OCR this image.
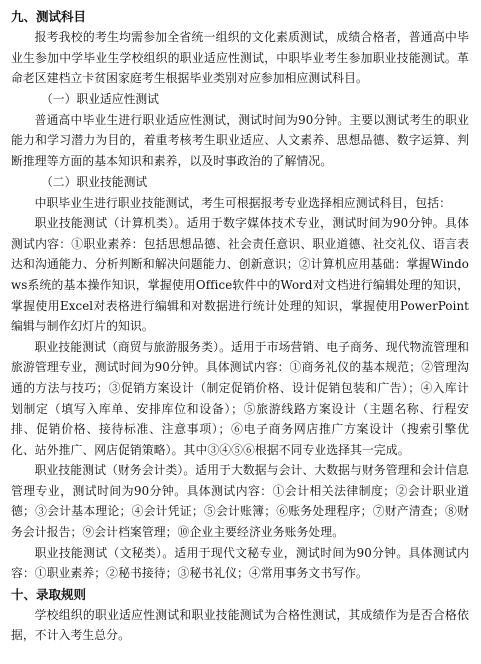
九、测试科目

报考我校的考生均需参加全省统一组织的文化素质测试，成绩合格者，普通高中毕业生参加中学毕业生学校组织的职业适应性测试，中职毕业考生参加职业技能测试。革命老区建档立卡贫困家庭考生根据毕业类别对应参加相应测试科目。

（一）职业适应性测试

普通高中毕业生进行职业适应性测试，测试时间为90分钟。主要以测试考生的职业能力和学习潜力为目的，着重考核考生职业适应、人文素养、思想品德、数字运算、判断推理等方面的基本知识和素养，以及时事政治的了解情况。

（二）职业技能测试

中职毕业生进行职业技能测试，考生可根据报考专业选择相应测试科目，包括：

职业技能测试（计算机类）。适用于数字媒体技术专业，测试时间为90分钟。具体测试内容：①职业素养：包括思想品德、社会责任意识、职业道德、社交礼仪、语言表达和沟通能力、分析判断和解决问题能力、创新意识；②计算机应用基础：掌握Windows系统的基本操作知识，掌握使用Office软件中的Word对文档进行编辑处理的知识，掌握使用Excel对表格进行编辑和对数据进行统计处理的知识，掌握使用PowerPoint编辑与制作幻灯片的知识。

职业技能测试（商贸与旅游服务类）。适用于市场营销、电子商务、现代物流管理和旅游管理专业，测试时间为90分钟。具体测试内容：①商务礼仪的基本规范；②管理沟通的方法与技巧；③促销方案设计（制定促销价格、设计促销包装和广告）；④入库计划制定（填写入库单、安排库位和设备）；⑤旅游线路方案设计（主题名称、行程安排、促销价格、接待标准、注意事项）；⑥电子商务网店推广方案设计（搜索引擎优化、站外推广、网店促销策略）。其中③④⑤⑥根据不同专业选择其一完成。

职业技能测试（财务会计类）。适用于大数据与会计、大数据与财务管理和会计信息管理专业，测试时间为90分钟。具体测试内容：①会计相关法律制度；②会计职业道德；③会计基本理论；④会计凭证；⑤会计账簿；⑥账务处理程序；⑦财产清查；⑧财务会计报告；⑨会计档案管理；⑩企业主要经济业务账务处理。

职业技能测试（文秘类）。适用于现代文秘专业，测试时间为90分钟。具体测试内容：①职业素养；②秘书接待；③秘书礼仪；④常用事务文书写作。

十、录取规则

学校组织的职业适应性测试和职业技能测试为合格性测试，其成绩作为是否合格依据，不计入考生总分。
